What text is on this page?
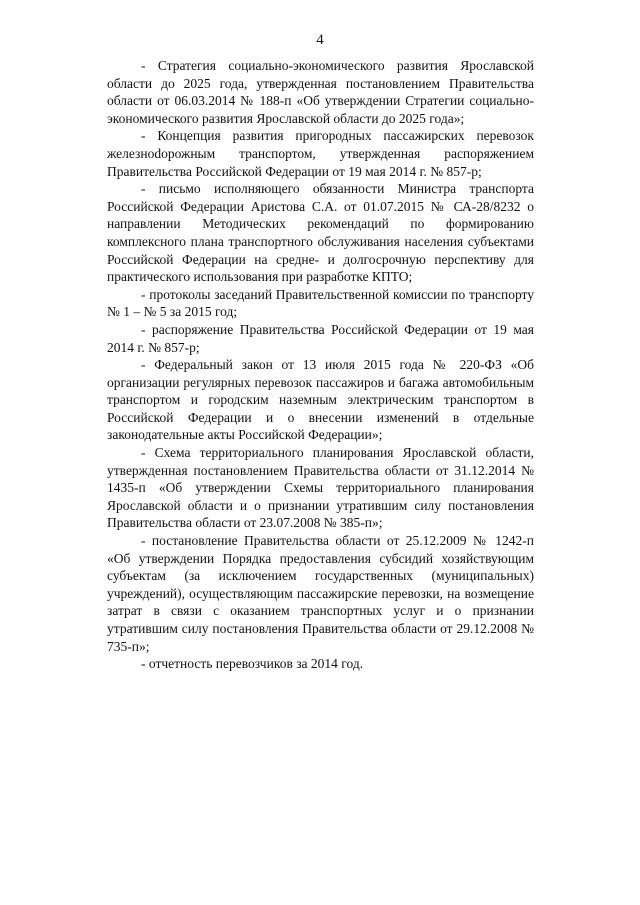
4

- Стратегия социально-экономического развития Ярославской области до 2025 года, утвержденная постановлением Правительства области от 06.03.2014 № 188-п «Об утверждении Стратегии социально-экономического развития Ярославской области до 2025 года»;

- Концепция развития пригородных пассажирских перевозок железноdорожным транспортом, утвержденная распоряжением Правительства Российской Федерации от 19 мая 2014 г. № 857-р;

- письмо исполняющего обязанности Министра транспорта Российской Федерации Аристова С.А. от 01.07.2015 № СА-28/8232 о направлении Методических рекомендаций по формированию комплексного плана транспортного обслуживания населения субъектами Российской Федерации на средне- и долгосрочную перспективу для практического использования при разработке КПТО;

- протоколы заседаний Правительственной комиссии по транспорту № 1 – № 5 за 2015 год;

- распоряжение Правительства Российской Федерации от 19 мая 2014 г. № 857-р;

- Федеральный закон от 13 июля 2015 года № 220-ФЗ «Об организации регулярных перевозок пассажиров и багажа автомобильным транспортом и городским наземным электрическим транспортом в Российской Федерации и о внесении изменений в отдельные законодательные акты Российской Федерации»;

- Схема территориального планирования Ярославской области, утвержденная постановлением Правительства области от 31.12.2014 № 1435-п «Об утверждении Схемы территориального планирования Ярославской области и о признании утратившим силу постановления Правительства области от 23.07.2008 № 385-п»;

- постановление Правительства области от 25.12.2009 № 1242-п «Об утверждении Порядка предоставления субсидий хозяйствующим субъектам (за исключением государственных (муниципальных) учреждений), осуществляющим пассажирские перевозки, на возмещение затрат в связи с оказанием транспортных услуг и о признании утратившим силу постановления Правительства области от 29.12.2008 № 735-п»;

- отчетность перевозчиков за 2014 год.
